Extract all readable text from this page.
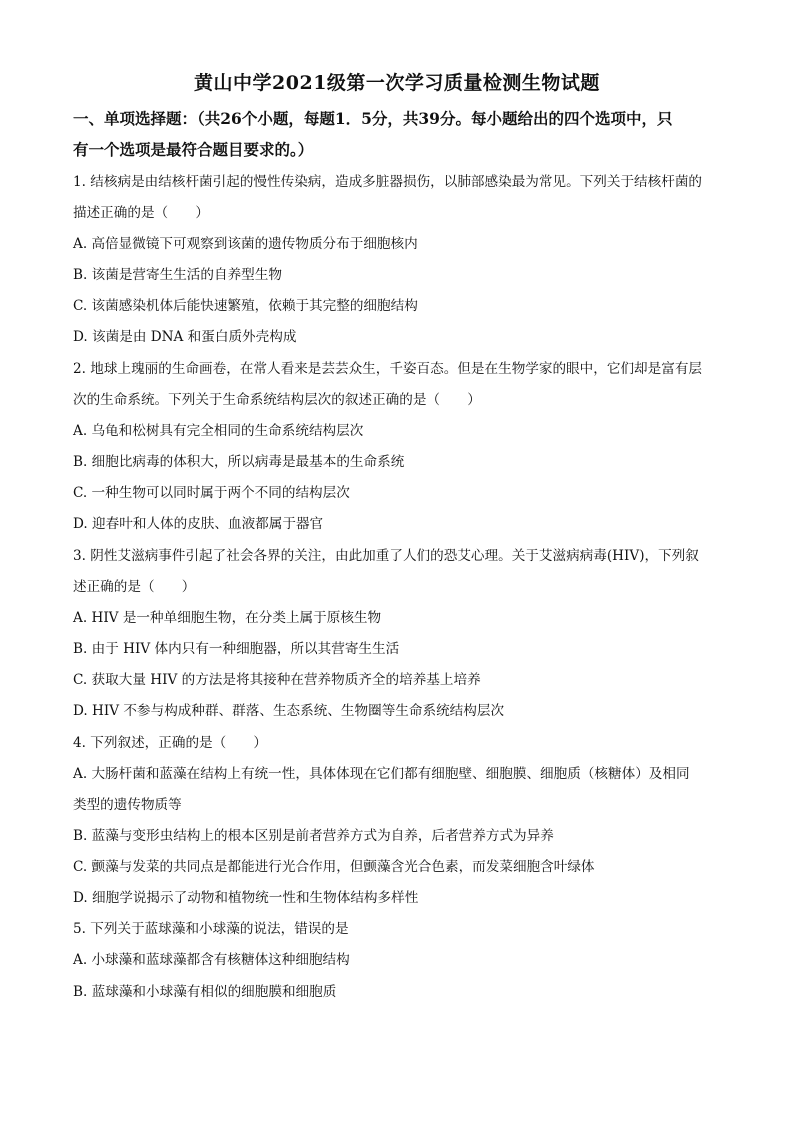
黄山中学2021级第一次学习质量检测生物试题
一、单项选择题：（共26个小题，每题1．5分，共39分。每小题给出的四个选项中，只
有一个选项是最符合题目要求的。）
1. 结核病是由结核杆菌引起的慢性传染病，造成多脏器损伤，以肺部感染最为常见。下列关于结核杆菌的
描述正确的是（　　）
A. 高倍显微镜下可观察到该菌的遗传物质分布于细胞核内
B. 该菌是营寄生生活的自养型生物
C. 该菌感染机体后能快速繁殖，依赖于其完整的细胞结构
D. 该菌是由 DNA 和蛋白质外壳构成
2. 地球上瑰丽的生命画卷，在常人看来是芸芸众生，千姿百态。但是在生物学家的眼中，它们却是富有层
次的生命系统。下列关于生命系统结构层次的叙述正确的是（　　）
A. 乌龟和松树具有完全相同的生命系统结构层次
B. 细胞比病毒的体积大，所以病毒是最基本的生命系统
C. 一种生物可以同时属于两个不同的结构层次
D. 迎春叶和人体的皮肤、血液都属于器官
3. 阴性艾滋病事件引起了社会各界的关注，由此加重了人们的恐艾心理。关于艾滋病病毒(HIV)，下列叙
述正确的是（　　）
A. HIV 是一种单细胞生物，在分类上属于原核生物
B. 由于 HIV 体内只有一种细胞器，所以其营寄生生活
C. 获取大量 HIV 的方法是将其接种在营养物质齐全的培养基上培养
D. HIV 不参与构成种群、群落、生态系统、生物圈等生命系统结构层次
4. 下列叙述，正确的是（　　）
A. 大肠杆菌和蓝藻在结构上有统一性，具体体现在它们都有细胞壁、细胞膜、细胞质（核糖体）及相同
类型的遗传物质等
B. 蓝藻与变形虫结构上的根本区别是前者营养方式为自养，后者营养方式为异养
C. 颤藻与发菜的共同点是都能进行光合作用，但颤藻含光合色素，而发菜细胞含叶绿体
D. 细胞学说揭示了动物和植物统一性和生物体结构多样性
5. 下列关于蓝球藻和小球藻的说法，错误的是
A. 小球藻和蓝球藻都含有核糖体这种细胞结构
B. 蓝球藻和小球藻有相似的细胞膜和细胞质
